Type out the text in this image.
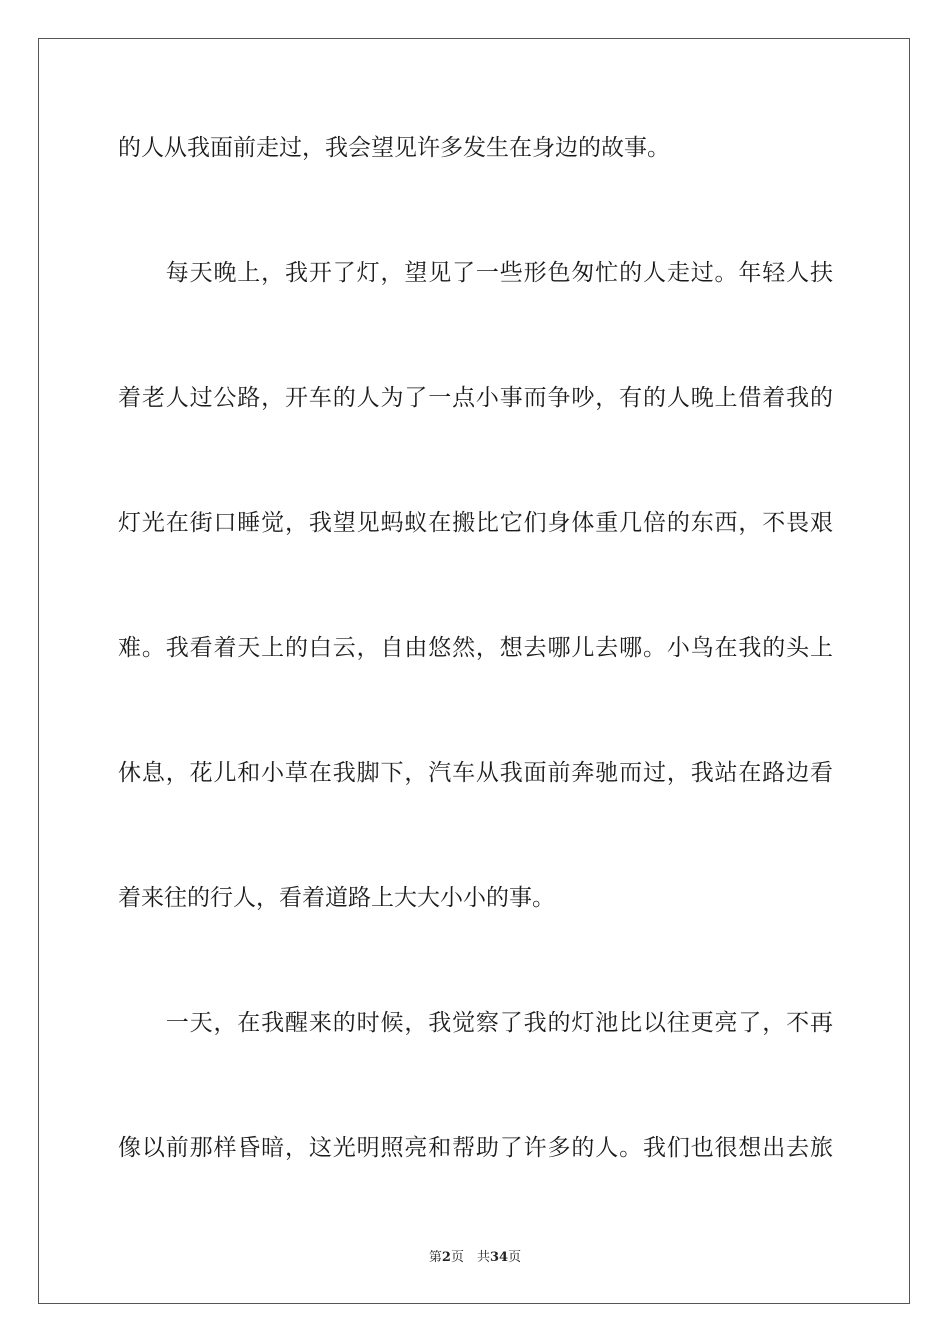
的人从我面前走过，我会望见许多发生在身边的故事。
　　每天晚上，我开了灯，望见了一些形色匆忙的人走过。年轻人扶
着老人过公路，开车的人为了一点小事而争吵，有的人晚上借着我的
灯光在街口睡觉，我望见蚂蚁在搬比它们身体重几倍的东西，不畏艰
难。我看着天上的白云，自由悠然，想去哪儿去哪。小鸟在我的头上
休息，花儿和小草在我脚下，汽车从我面前奔驰而过，我站在路边看
着来往的行人，看着道路上大大小小的事。
　　一天，在我醒来的时候，我觉察了我的灯池比以往更亮了，不再
像以前那样昏暗，这光明照亮和帮助了许多的人。我们也很想出去旅
第2页　共34页
